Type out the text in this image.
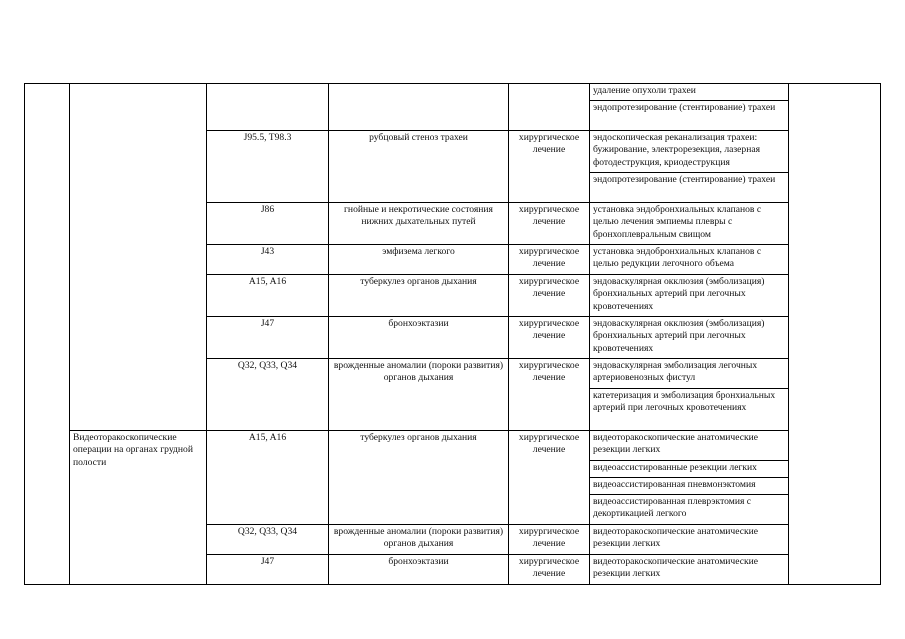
					удаление опухоли трахеи	
					эндопротезирование (стентирование) трахеи	
		J95.5, T98.3	рубцовый стеноз трахеи	хирургическое лечение	эндоскопическая реканализация трахеи: бужирование, электрорезекция, лазерная фотодеструкция, криодеструкция	
					эндопротезирование (стентирование) трахеи	
		J86	гнойные и некротические состояния нижних дыхательных путей	хирургическое лечение	установка эндобронхиальных клапанов с целью лечения эмпиемы плевры с бронхоплевральным свищом	
		J43	эмфизема легкого	хирургическое лечение	установка эндобронхиальных клапанов с целью редукции легочного объема	
		A15, A16	туберкулез органов дыхания	хирургическое лечение	эндоваскулярная окклюзия (эмболизация) бронхиальных артерий при легочных кровотечениях	
		J47	бронхоэктазии	хирургическое лечение	эндоваскулярная окклюзия (эмболизация) бронхиальных артерий при легочных кровотечениях	
		Q32, Q33, Q34	врожденные аномалии (пороки развития) органов дыхания	хирургическое лечение	эндоваскулярная эмболизация легочных артериовенозных фистул	
					катетеризация и эмболизация бронхиальных артерий при легочных кровотечениях	
	Видеоторакоскопические операции на органах грудной полости	A15, A16	туберкулез органов дыхания	хирургическое лечение	видеоторакоскопические анатомические резекции легких	
					видеоассистированные резекции легких	
					видеоассистированная пневмонэктомия	
					видеоассистированная плеврэктомия с декортикацией легкого	
		Q32, Q33, Q34	врожденные аномалии (пороки развития) органов дыхания	хирургическое лечение	видеоторакоскопические анатомические резекции легких	
		J47	бронхоэктазии	хирургическое лечение	видеоторакоскопические анатомические резекции легких	
